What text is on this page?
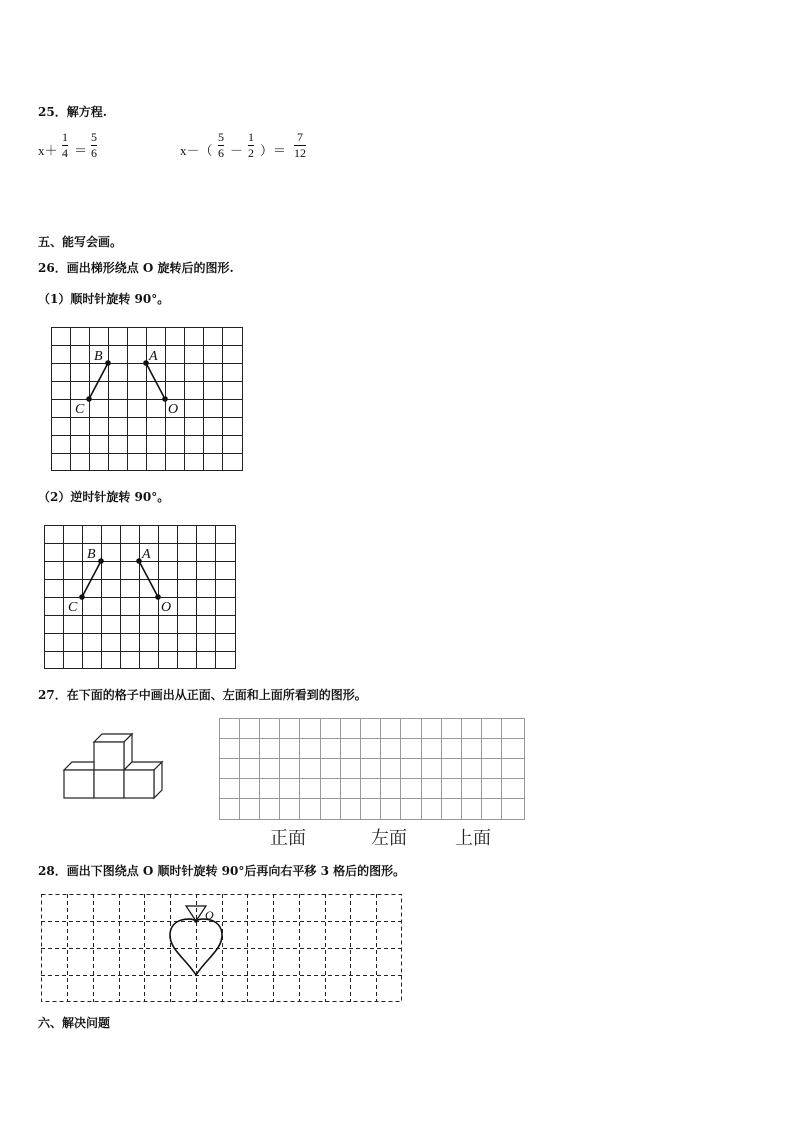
25．解方程.
x＋
1
4 ＝
5
6	x－（
5
6 －
1
2 ）＝
7
12
五、能写会画。
26．画出梯形绕点 O 旋转后的图形.
（1）顺时针旋转 90°。
B	A
C	O
（2）逆时针旋转 90°。
B	A
C	O
27．在下面的格子中画出从正面、左面和上面所看到的图形。
正面	左面	上面
28．画出下图绕点 O 顺时针旋转 90°后再向右平移 3 格后的图形。
O
六、解决问题
